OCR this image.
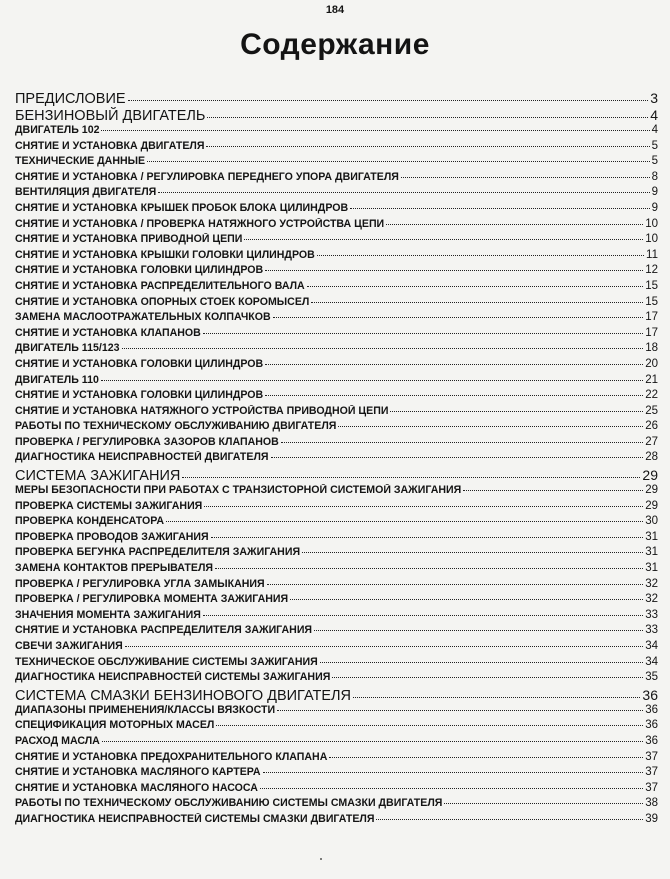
184
Содержание
ПРЕДИСЛОВИЕ	3
БЕНЗИНОВЫЙ ДВИГАТЕЛЬ	4
ДВИГАТЕЛЬ 102	4
СНЯТИЕ И УСТАНОВКА ДВИГАТЕЛЯ	5
ТЕХНИЧЕСКИЕ ДАННЫЕ	5
СНЯТИЕ И УСТАНОВКА / РЕГУЛИРОВКА ПЕРЕДНЕГО УПОРА ДВИГАТЕЛЯ	8
ВЕНТИЛЯЦИЯ ДВИГАТЕЛЯ	9
СНЯТИЕ И УСТАНОВКА КРЫШЕК ПРОБОК БЛОКА ЦИЛИНДРОВ	9
СНЯТИЕ И УСТАНОВКА / ПРОВЕРКА НАТЯЖНОГО УСТРОЙСТВА ЦЕПИ	10
СНЯТИЕ И УСТАНОВКА ПРИВОДНОЙ ЦЕПИ	10
СНЯТИЕ И УСТАНОВКА КРЫШКИ ГОЛОВКИ ЦИЛИНДРОВ	11
СНЯТИЕ И УСТАНОВКА ГОЛОВКИ ЦИЛИНДРОВ	12
СНЯТИЕ И УСТАНОВКА РАСПРЕДЕЛИТЕЛЬНОГО ВАЛА	15
СНЯТИЕ И УСТАНОВКА ОПОРНЫХ СТОЕК КОРОМЫСЕЛ	15
ЗАМЕНА МАСЛООТРАЖАТЕЛЬНЫХ КОЛПАЧКОВ	17
СНЯТИЕ И УСТАНОВКА КЛАПАНОВ	17
ДВИГАТЕЛЬ 115/123	18
СНЯТИЕ И УСТАНОВКА ГОЛОВКИ ЦИЛИНДРОВ	20
ДВИГАТЕЛЬ 110	21
СНЯТИЕ И УСТАНОВКА ГОЛОВКИ ЦИЛИНДРОВ	22
СНЯТИЕ И УСТАНОВКА НАТЯЖНОГО УСТРОЙСТВА ПРИВОДНОЙ ЦЕПИ	25
РАБОТЫ ПО ТЕХНИЧЕСКОМУ ОБСЛУЖИВАНИЮ ДВИГАТЕЛЯ	26
ПРОВЕРКА / РЕГУЛИРОВКА ЗАЗОРОВ КЛАПАНОВ	27
ДИАГНОСТИКА НЕИСПРАВНОСТЕЙ ДВИГАТЕЛЯ	28
СИСТЕМА ЗАЖИГАНИЯ	29
МЕРЫ БЕЗОПАСНОСТИ ПРИ РАБОТАХ С ТРАНЗИСТОРНОЙ СИСТЕМОЙ ЗАЖИГАНИЯ	29
ПРОВЕРКА СИСТЕМЫ ЗАЖИГАНИЯ	29
ПРОВЕРКА КОНДЕНСАТОРА	30
ПРОВЕРКА ПРОВОДОВ ЗАЖИГАНИЯ	31
ПРОВЕРКА БЕГУНКА РАСПРЕДЕЛИТЕЛЯ ЗАЖИГАНИЯ	31
ЗАМЕНА КОНТАКТОВ ПРЕРЫВАТЕЛЯ	31
ПРОВЕРКА / РЕГУЛИРОВКА УГЛА ЗАМЫКАНИЯ	32
ПРОВЕРКА / РЕГУЛИРОВКА МОМЕНТА ЗАЖИГАНИЯ	32
ЗНАЧЕНИЯ МОМЕНТА ЗАЖИГАНИЯ	33
СНЯТИЕ И УСТАНОВКА РАСПРЕДЕЛИТЕЛЯ ЗАЖИГАНИЯ	33
СВЕЧИ ЗАЖИГАНИЯ	34
ТЕХНИЧЕСКОЕ ОБСЛУЖИВАНИЕ СИСТЕМЫ ЗАЖИГАНИЯ	34
ДИАГНОСТИКА НЕИСПРАВНОСТЕЙ СИСТЕМЫ ЗАЖИГАНИЯ	35
СИСТЕМА СМАЗКИ БЕНЗИНОВОГО ДВИГАТЕЛЯ	36
ДИАПАЗОНЫ ПРИМЕНЕНИЯ/КЛАССЫ ВЯЗКОСТИ	36
СПЕЦИФИКАЦИЯ МОТОРНЫХ МАСЕЛ	36
РАСХОД МАСЛА	36
СНЯТИЕ И УСТАНОВКА ПРЕДОХРАНИТЕЛЬНОГО КЛАПАНА	37
СНЯТИЕ И УСТАНОВКА МАСЛЯНОГО КАРТЕРА	37
СНЯТИЕ И УСТАНОВКА МАСЛЯНОГО НАСОСА	37
РАБОТЫ ПО ТЕХНИЧЕСКОМУ ОБСЛУЖИВАНИЮ СИСТЕМЫ СМАЗКИ ДВИГАТЕЛЯ	38
ДИАГНОСТИКА НЕИСПРАВНОСТЕЙ СИСТЕМЫ СМАЗКИ ДВИГАТЕЛЯ	39
